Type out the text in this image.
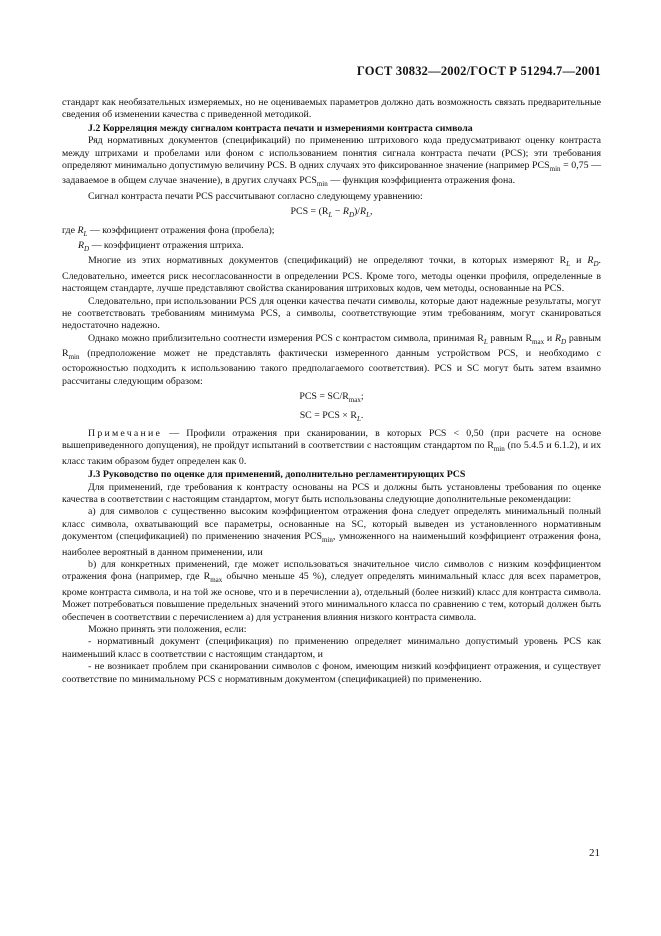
ГОСТ 30832—2002/ГОСТ Р 51294.7—2001

стандарт как необязательных измеряемых, но не оцениваемых параметров должно дать возможность связать предварительные сведения об изменении качества с приведенной методикой.

J.2 Корреляция между сигналом контраста печати и измерениями контраста символа

Ряд нормативных документов (спецификаций) по применению штрихового кода предусматривают оценку контраста между штрихами и пробелами или фоном с использованием понятия сигнала контраста печати (PCS); эти требования определяют минимально допустимую величину PCS. В одних случаях это фиксированное значение (например $PCS_{min} = 0,75$ — задаваемое в общем случае значение), в других случаях $PCS_{min}$ — функция коэффициента отражения фона.

Сигнал контраста печати PCS рассчитывают согласно следующему уравнению:

PCS = $(R_L - R_D)/R_L$,

где $R_L$ — коэффициент отражения фона (пробела);

$R_D$ — коэффициент отражения штриха.

Многие из этих нормативных документов (спецификаций) не определяют точки, в которых измеряют $R_L$ и $R_D$. Следовательно, имеется риск несогласованности в определении PCS. Кроме того, методы оценки профиля, определенные в настоящем стандарте, лучше представляют свойства сканирования штриховых кодов, чем методы, основанные на PCS.

Следовательно, при использовании PCS для оценки качества печати символы, которые дают надежные результаты, могут не соответствовать требованиям минимума PCS, а символы, соответствующие этим требованиям, могут сканироваться недостаточно надежно.

Однако можно приблизительно соотнести измерения PCS с контрастом символа, принимая $R_L$ равным $R_{max}$ и $R_D$ равным $R_{min}$ (предположение может не представлять фактически измеренного данным устройством PCS, и необходимо с осторожностью подходить к использованию такого предполагаемого соответствия). PCS и SC могут быть затем взаимно рассчитаны следующим образом:

PCS = $SC/R_{max}$;

SC = PCS × $R_L$.

Примечание — Профили отражения при сканировании, в которых PCS < 0,50 (при расчете на основе вышеприведенного допущения), не пройдут испытаний в соответствии с настоящим стандартом по $R_{min}$ (по 5.4.5 и 6.1.2), и их класс таким образом будет определен как 0.

J.3 Руководство по оценке для применений, дополнительно регламентирующих PCS

Для применений, где требования к контрасту основаны на PCS и должны быть установлены требования по оценке качества в соответствии с настоящим стандартом, могут быть использованы следующие дополнительные рекомендации:

а) для символов с существенно высоким коэффициентом отражения фона следует определять минимальный полный класс символа, охватывающий все параметры, основанные на SC, который выведен из установленного нормативным документом (спецификацией) по применению значения $PCS_{min}$, умноженного на наименьший коэффициент отражения фона, наиболее вероятный в данном применении, или

b) для конкретных применений, где может использоваться значительное число символов с низким коэффициентом отражения фона (например, где $R_{max}$ обычно меньше 45 %), следует определять минимальный класс для всех параметров, кроме контраста символа, и на той же основе, что и в перечислении а), отдельный (более низкий) класс для контраста символа. Может потребоваться повышение предельных значений этого минимального класса по сравнению с тем, который должен быть обеспечен в соответствии с перечислением а) для устранения влияния низкого контраста символа.

Можно принять эти положения, если:

- нормативный документ (спецификация) по применению определяет минимально допустимый уровень PCS как наименьший класс в соответствии с настоящим стандартом, и

- не возникает проблем при сканировании символов с фоном, имеющим низкий коэффициент отражения, и существует соответствие по минимальному PCS с нормативным документом (спецификацией) по применению.

21
